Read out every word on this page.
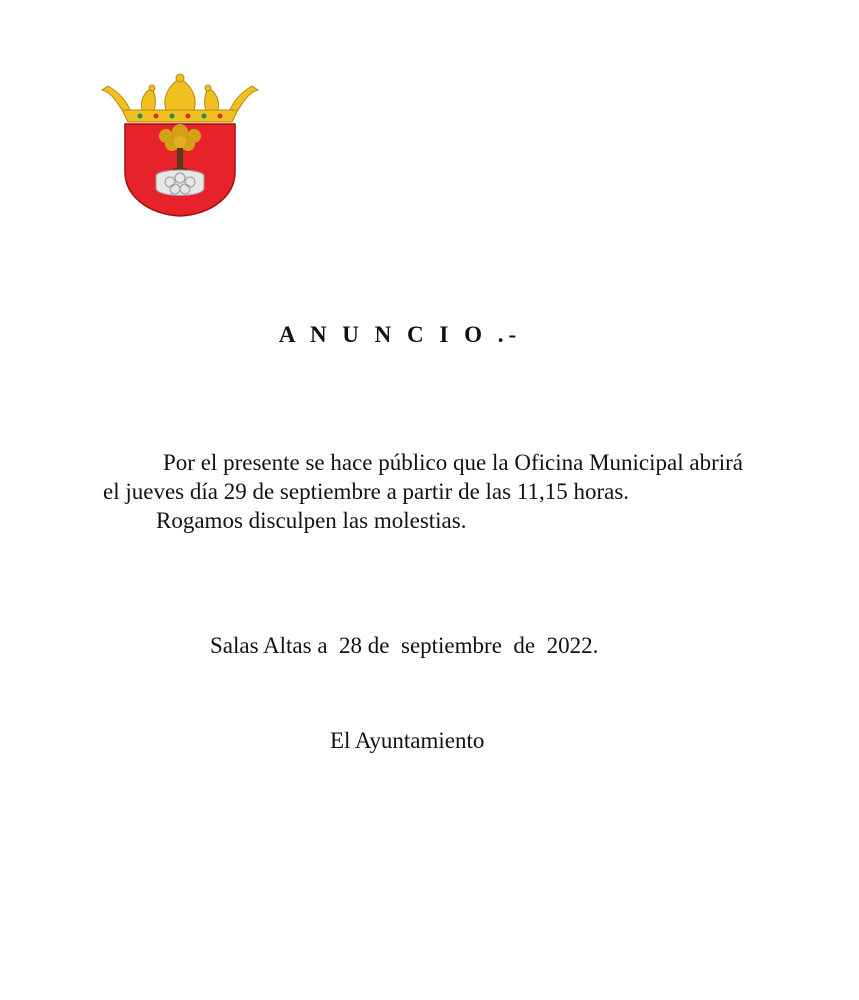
A N U N C I O .-

Por el presente se hace público que la Oficina Municipal abrirá el jueves día 29 de septiembre a partir de las 11,15 horas.

Rogamos disculpen las molestias.

Salas Altas a  28 de  septiembre  de  2022.

El Ayuntamiento
